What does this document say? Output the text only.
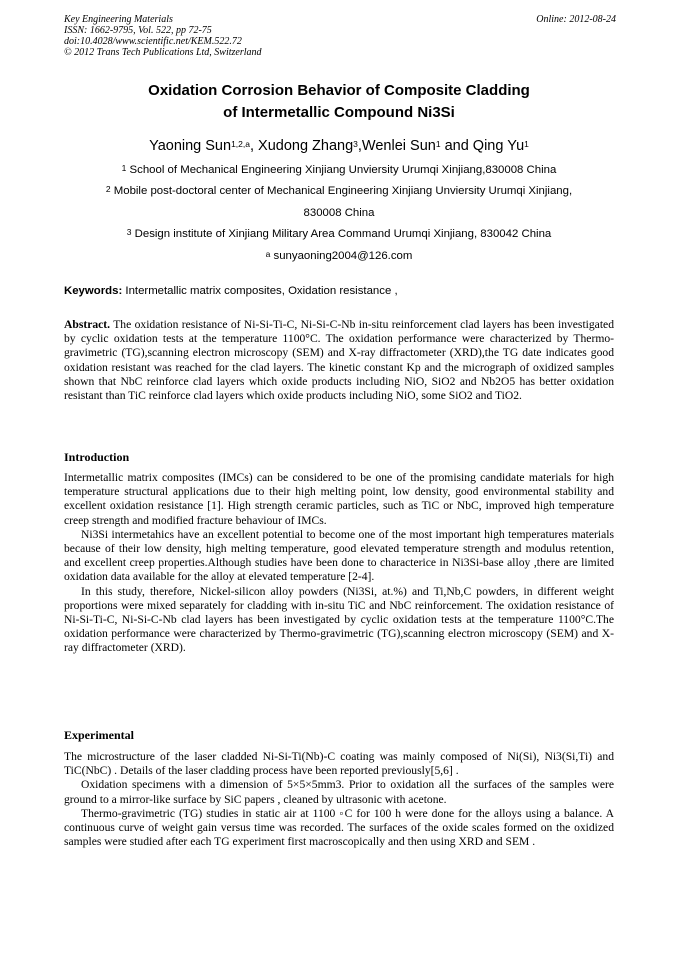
Key Engineering Materials
ISSN: 1662-9795, Vol. 522, pp 72-75
doi:10.4028/www.scientific.net/KEM.522.72
© 2012 Trans Tech Publications Ltd, Switzerland
Online: 2012-08-24
Oxidation Corrosion Behavior of Composite Cladding
of Intermetallic Compound Ni3Si
Yaoning Sun$^{1,2,a}$, Xudong Zhang$^3$,Wenlei Sun$^1$ and Qing Yu$^1$
$^1$ School of Mechanical Engineering Xinjiang Unviersity Urumqi Xinjiang,830008 China
$^2$ Mobile post-doctoral center of Mechanical Engineering Xinjiang Unviersity Urumqi Xinjiang,
830008 China
$^3$ Design institute of Xinjiang Military Area Command Urumqi Xinjiang, 830042 China
$^a$ sunyaoning2004@126.com
Keywords: Intermetallic matrix composites, Oxidation resistance ,

Abstract. The oxidation resistance of Ni-Si-Ti-C, Ni-Si-C-Nb in-situ reinforcement clad layers has been investigated by cyclic oxidation tests at the temperature 1100°C. The oxidation performance were characterized by Thermo-gravimetric (TG),scanning electron microscopy (SEM) and X-ray diffractometer (XRD),the TG date indicates good oxidation resistant was reached for the clad layers. The kinetic constant Kp and the micrograph of oxidized samples shown that NbC reinforce clad layers which oxide products including NiO, SiO2 and Nb2O5 has better oxidation resistant than TiC reinforce clad layers which oxide products including NiO, some SiO2 and TiO2.

Introduction

Intermetallic matrix composites (IMCs) can be considered to be one of the promising candidate materials for high temperature structural applications due to their high melting point, low density, good environmental stability and excellent oxidation resistance [1]. High strength ceramic particles, such as TiC or NbC, improved high temperature creep strength and modified fracture behaviour of IMCs.

Ni3Si intermetahics have an excellent potential to become one of the most important high temperatures materials because of their low density, high melting temperature, good elevated temperature strength and modulus retention, and excellent creep properties.Although studies have been done to characterice in Ni3Si-base alloy ,there are limited oxidation data available for the alloy at elevated temperature [2-4].

In this study, therefore, Nickel-silicon alloy powders (Ni3Si, at.%) and Ti,Nb,C powders, in different weight proportions were mixed separately for cladding with in-situ TiC and NbC reinforcement. The oxidation resistance of Ni-Si-Ti-C, Ni-Si-C-Nb clad layers has been investigated by cyclic oxidation tests at the temperature 1100°C.The oxidation performance were characterized by Thermo-gravimetric (TG),scanning electron microscopy (SEM) and X-ray diffractometer (XRD).

Experimental

The microstructure of the laser cladded Ni-Si-Ti(Nb)-C coating was mainly composed of Ni(Si), Ni3(Si,Ti) and TiC(NbC) . Details of the laser cladding process have been reported previously[5,6] .

Oxidation specimens with a dimension of 5×5×5mm3. Prior to oxidation all the surfaces of the samples were ground to a mirror-like surface by SiC papers , cleaned by ultrasonic with acetone.

Thermo-gravimetric (TG) studies in static air at 1100 ◦C for 100 h were done for the alloys using a balance. A continuous curve of weight gain versus time was recorded. The surfaces of the oxide scales formed on the oxidized samples were studied after each TG experiment first macroscopically and then using XRD and SEM .
